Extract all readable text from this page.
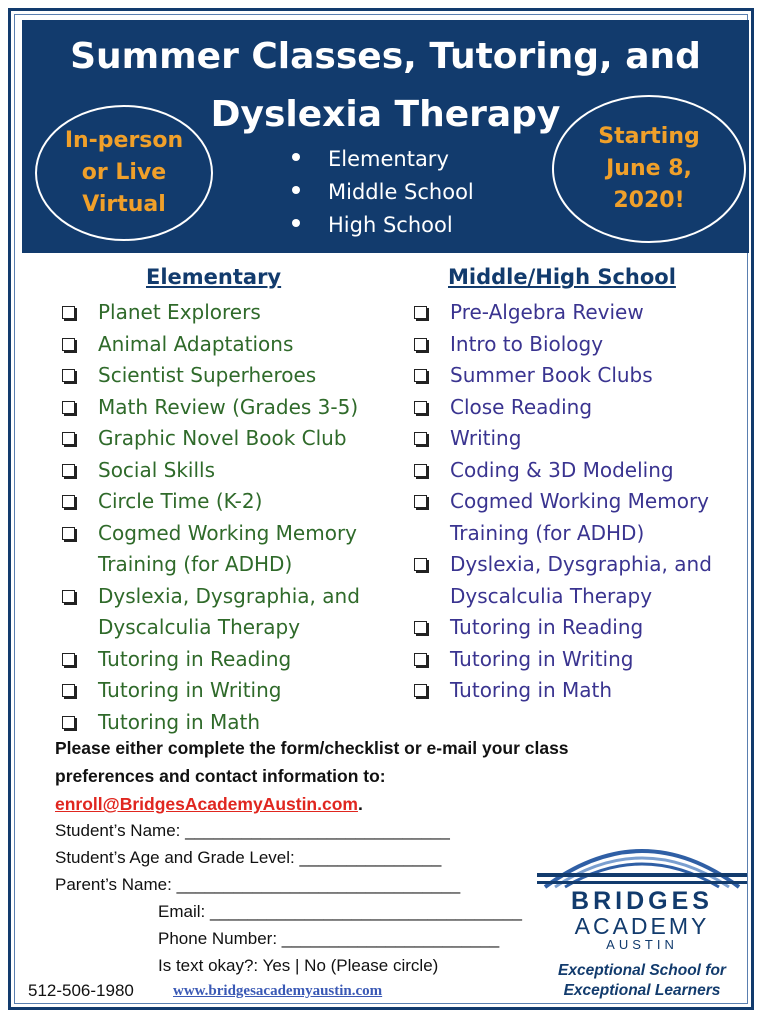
Summer Classes, Tutoring, and
Dyslexia Therapy
In-person
or Live
Virtual
Starting
June 8,
2020!
Elementary
Middle School
High School
Elementary	Middle/High School
Planet Explorers
Animal Adaptations
Scientist Superheroes
Math Review (Grades 3-5)
Graphic Novel Book Club
Social Skills
Circle Time (K-2)
Cogmed Working Memory
Training (for ADHD)
Dyslexia, Dysgraphia, and
Dyscalculia Therapy
Tutoring in Reading
Tutoring in Writing
Tutoring in Math
Pre-Algebra Review
Intro to Biology
Summer Book Clubs
Close Reading
Writing
Coding & 3D Modeling
Cogmed Working Memory
Training (for ADHD)
Dyslexia, Dysgraphia, and
Dyscalculia Therapy
Tutoring in Reading
Tutoring in Writing
Tutoring in Math
Please either complete the form/checklist or e-mail your class
preferences and contact information to:
enroll@BridgesAcademyAustin.com.
Student’s Name: ____________________________
Student’s Age and Grade Level: _______________
Parent’s Name: ______________________________
Email: _________________________________
Phone Number: _______________________
Is text okay?: Yes | No (Please circle)
512-506-1980	www.bridgesacademyaustin.com
BRIDGES
ACADEMY
AUSTIN
Exceptional School for
Exceptional Learners
